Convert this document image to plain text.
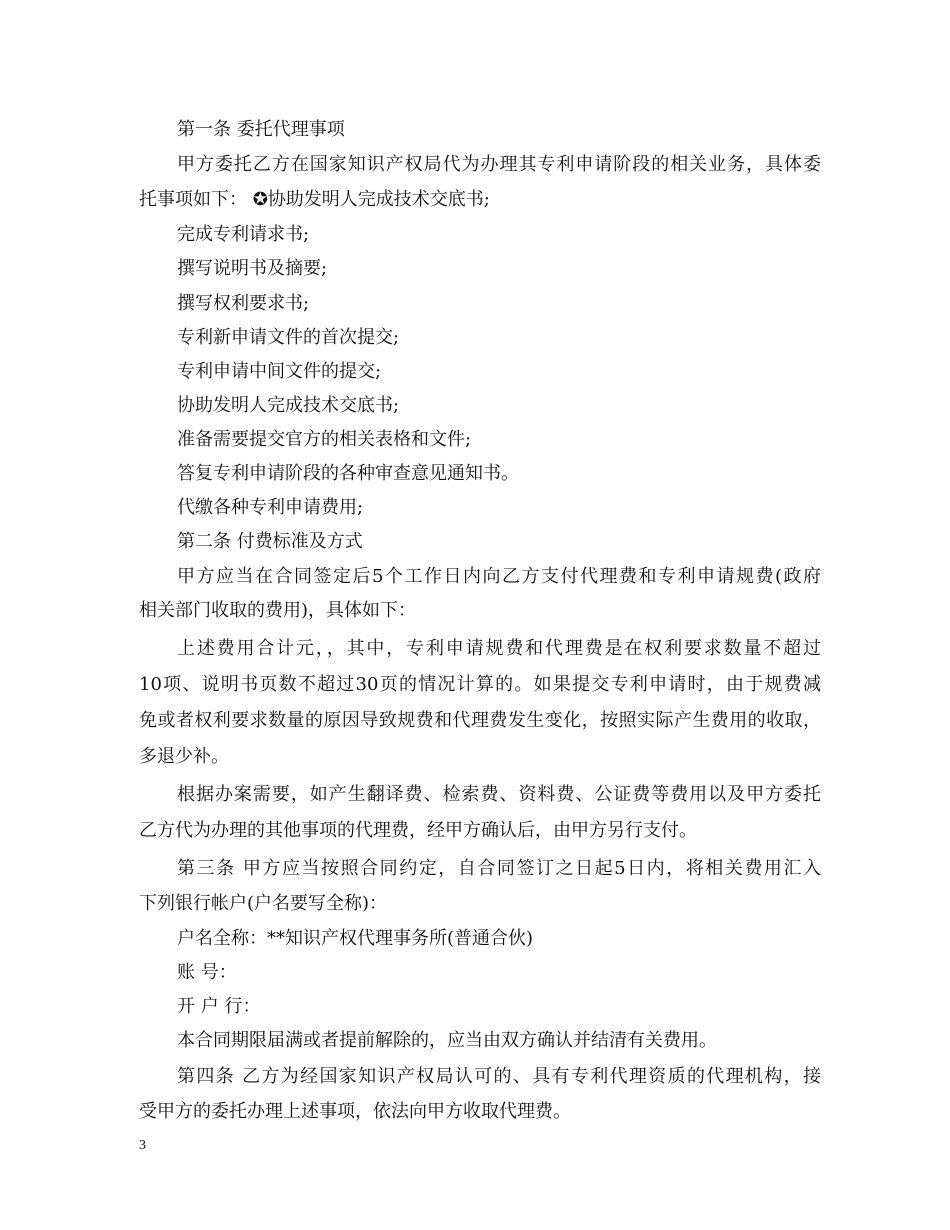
第一条 委托代理事项
甲方委托乙方在国家知识产权局代为办理其专利申请阶段的相关业务，具体委
托事项如下： ✪协助发明人完成技术交底书;
完成专利请求书;
撰写说明书及摘要;
撰写权利要求书;
专利新申请文件的首次提交;
专利申请中间文件的提交;
协助发明人完成技术交底书;
准备需要提交官方的相关表格和文件;
答复专利申请阶段的各种审查意见通知书。
代缴各种专利申请费用;
第二条 付费标准及方式
甲方应当在合同签定后5个工作日内向乙方支付代理费和专利申请规费(政府
相关部门收取的费用)，具体如下：
上述费用合计元，，其中，专利申请规费和代理费是在权利要求数量不超过
10项、说明书页数不超过30页的情况计算的。如果提交专利申请时，由于规费减
免或者权利要求数量的原因导致规费和代理费发生变化，按照实际产生费用的收取，
多退少补。
根据办案需要，如产生翻译费、检索费、资料费、公证费等费用以及甲方委托
乙方代为办理的其他事项的代理费，经甲方确认后，由甲方另行支付。
第三条 甲方应当按照合同约定，自合同签订之日起5日内，将相关费用汇入
下列银行帐户(户名要写全称)：
户名全称：**知识产权代理事务所(普通合伙)
账 号：
开 户 行：
本合同期限届满或者提前解除的，应当由双方确认并结清有关费用。
第四条 乙方为经国家知识产权局认可的、具有专利代理资质的代理机构，接
受甲方的委托办理上述事项，依法向甲方收取代理费。
3
